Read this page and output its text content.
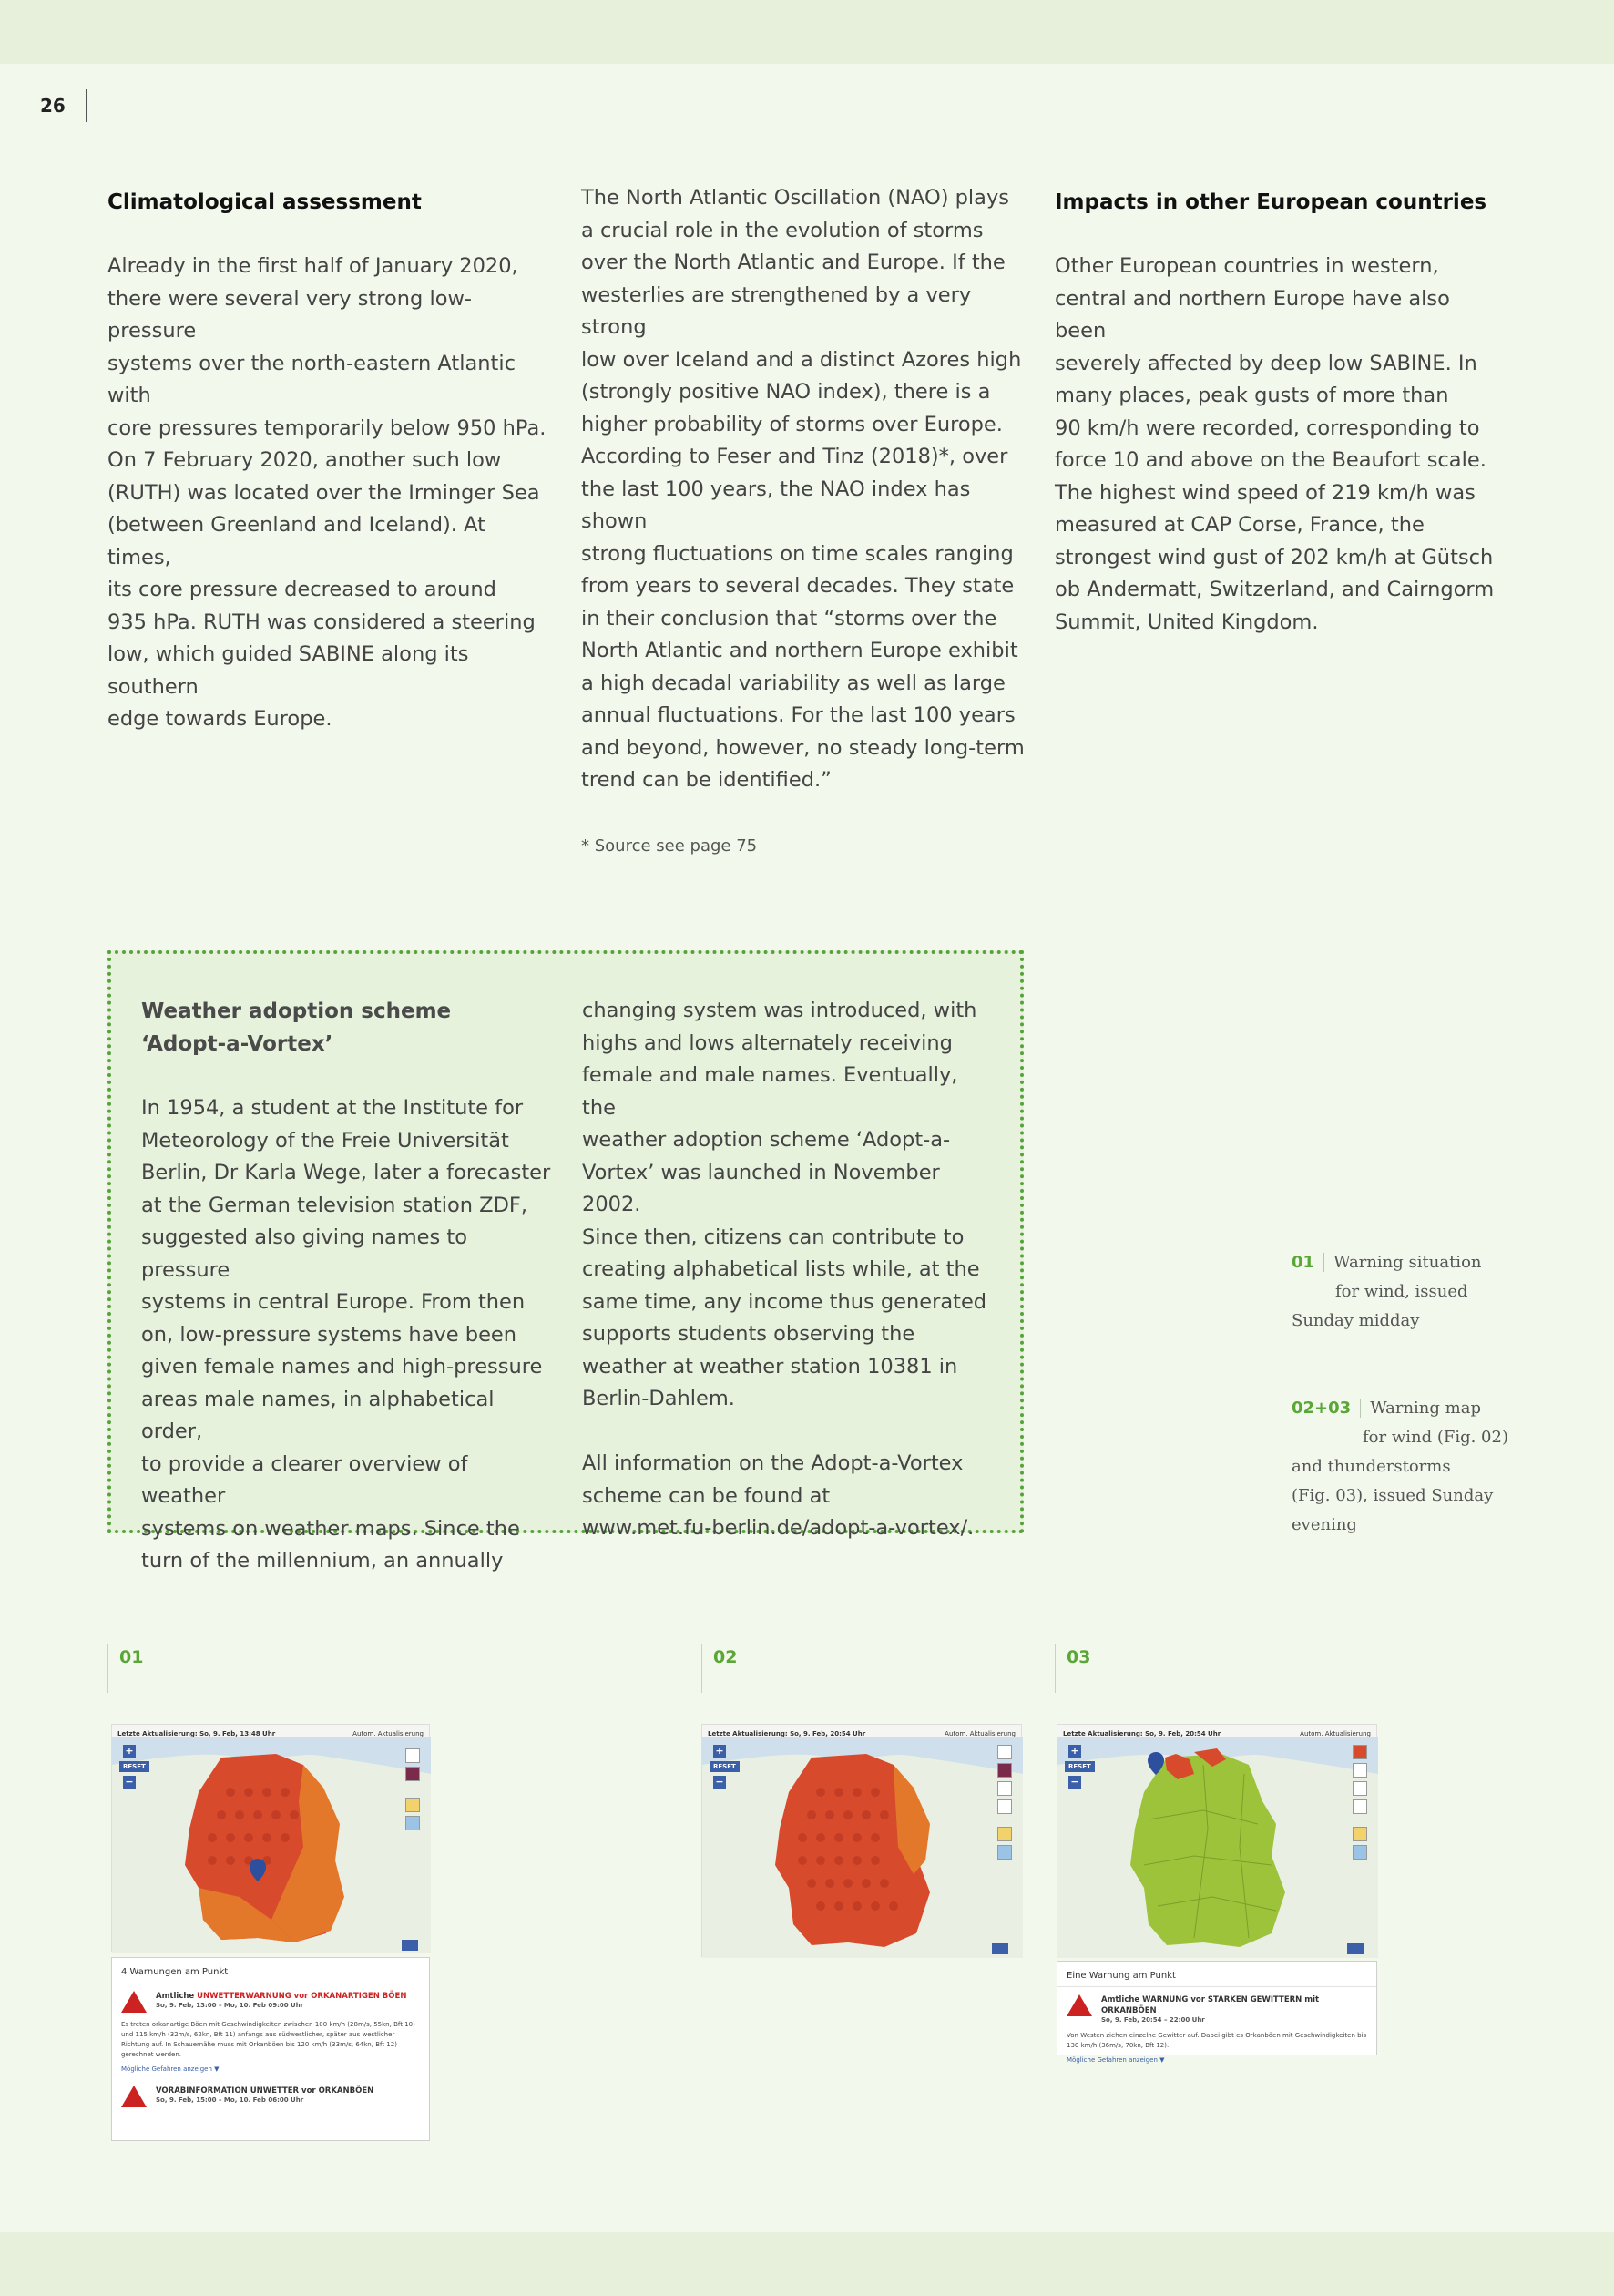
26
Climatological assessment

Already in the first half of January 2020,
there were several very strong low-pressure
systems over the north-eastern Atlantic with
core pressures temporarily below 950 hPa.
On 7 February 2020, another such low
(RUTH) was located over the Irminger Sea
(between Greenland and Iceland). At times,
its core pressure decreased to around
935 hPa. RUTH was considered a steering
low, which guided SABINE along its southern
edge towards Europe.

The North Atlantic Oscillation (NAO) plays
a crucial role in the evolution of storms
over the North Atlantic and Europe. If the
westerlies are strengthened by a very strong
low over Iceland and a distinct Azores high
(strongly positive NAO index), there is a
higher probability of storms over Europe.
According to Feser and Tinz (2018)*, over
the last 100 years, the NAO index has shown
strong fluctuations on time scales ranging
from years to several decades. They state
in their conclusion that “storms over the
North Atlantic and northern Europe exhibit
a high decadal variability as well as large
annual fluctuations. For the last 100 years
and beyond, however, no steady long-term
trend can be identified.”

* Source see page 75
Impacts in other European countries

Other European countries in western,
central and northern Europe have also been
severely affected by deep low SABINE. In
many places, peak gusts of more than
90 km/h were recorded, corresponding to
force 10 and above on the Beaufort scale.
The highest wind speed of 219 km/h was
measured at CAP Corse, France, the
strongest wind gust of 202 km/h at Gütsch
ob Andermatt, Switzerland, and Cairngorm
Summit, United Kingdom.

Weather adoption scheme
‘Adopt-a-Vortex’

In 1954, a student at the Institute for
Meteorology of the Freie Universität
Berlin, Dr Karla Wege, later a forecaster
at the German television station ZDF,
suggested also giving names to pressure
systems in central Europe. From then
on, low-pressure systems have been
given female names and high-pressure
areas male names, in alphabetical order,
to provide a clearer overview of weather
systems on weather maps. Since the
turn of the millennium, an annually

changing system was introduced, with
highs and lows alternately receiving
female and male names. Eventually, the
weather adoption scheme ‘Adopt-a-
Vortex’ was launched in November 2002.
Since then, citizens can contribute to
creating alphabetical lists while, at the
same time, any income thus generated
supports students observing the
weather at weather station 10381 in
Berlin-Dahlem.

All information on the Adopt-a-Vortex
scheme can be found at
www.met.fu-berlin.de/adopt-a-vortex/.

01 Warning situation
for wind, issued
Sunday midday
02+03 Warning map
for wind (Fig. 02)
and thunderstorms
(Fig. 03), issued Sunday
evening
01	02	03
Autom. Aktualisierung
Letzte Aktualisierung: So, 9. Feb, 13:48 Uhr
+
RESET
−
4 Warnungen am Punkt
Amtliche UNWETTERWARNUNG vor ORKANARTIGEN BÖEN
So, 9. Feb, 13:00 – Mo, 10. Feb 09:00 Uhr
Es treten orkanartige Böen mit Geschwindigkeiten zwischen 100 km/h (28m/s, 55kn, Bft 10) und 115 km/h (32m/s, 62kn, Bft 11) anfangs aus südwestlicher, später aus westlicher Richtung auf. In Schauernähe muss mit Orkanböen bis 120 km/h (33m/s, 64kn, Bft 12) gerechnet werden.
Mögliche Gefahren anzeigen ▼
VORABINFORMATION UNWETTER vor ORKANBÖEN
So, 9. Feb, 15:00 – Mo, 10. Feb 06:00 Uhr
Autom. Aktualisierung
Letzte Aktualisierung: So, 9. Feb, 20:54 Uhr
+
RESET
−
Autom. Aktualisierung
Letzte Aktualisierung: So, 9. Feb, 20:54 Uhr
+
RESET
−
Eine Warnung am Punkt
Amtliche WARNUNG vor STARKEN GEWITTERN mit ORKANBÖEN
So, 9. Feb, 20:54 – 22:00 Uhr
Von Westen ziehen einzelne Gewitter auf. Dabei gibt es Orkanböen mit Geschwindigkeiten bis 130 km/h (36m/s, 70kn, Bft 12).
Mögliche Gefahren anzeigen ▼
